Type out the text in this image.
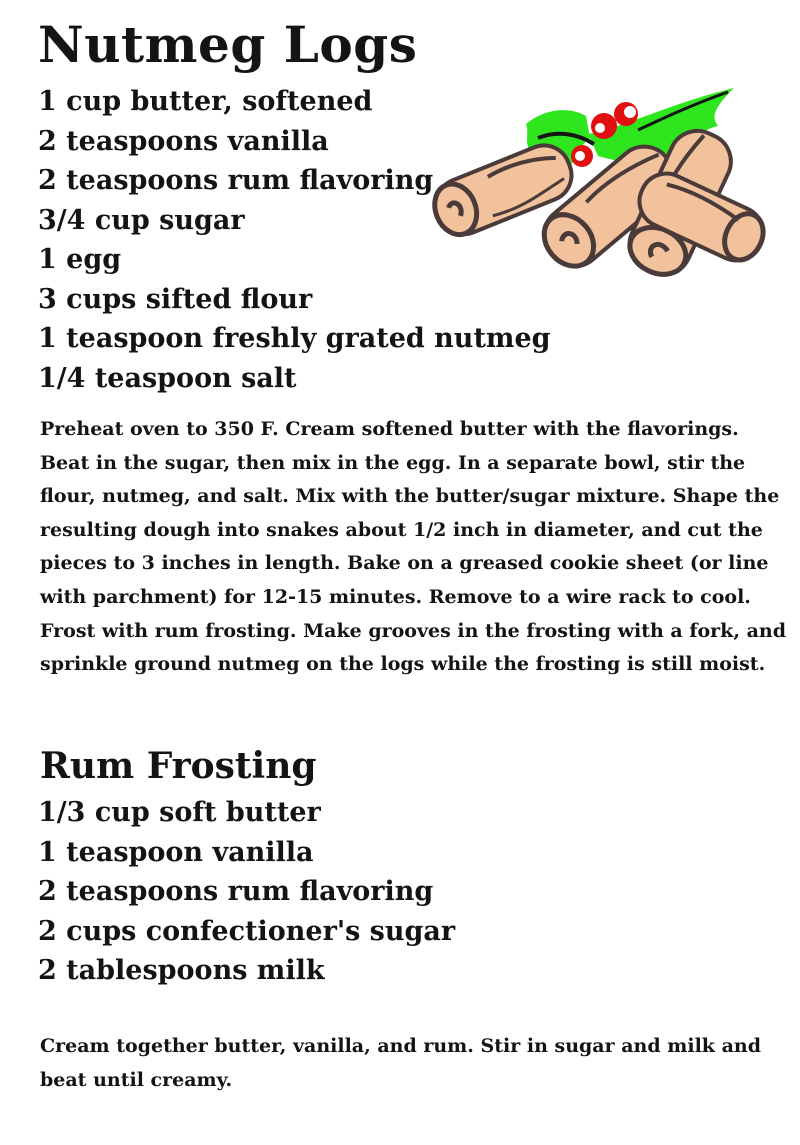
Nutmeg Logs
1 cup butter, softened
2 teaspoons vanilla
2 teaspoons rum flavoring
3/4 cup sugar
1 egg
3 cups sifted flour
1 teaspoon freshly grated nutmeg
1/4 teaspoon salt

Preheat oven to 350 F. Cream softened butter with the flavorings. Beat in the sugar, then mix in the egg. In a separate bowl, stir the flour, nutmeg, and salt. Mix with the butter/sugar mixture. Shape the resulting dough into snakes about 1/2 inch in diameter, and cut the pieces to 3 inches in length. Bake on a greased cookie sheet (or line with parchment) for 12-15 minutes. Remove to a wire rack to cool. Frost with rum frosting. Make grooves in the frosting with a fork, and sprinkle ground nutmeg on the logs while the frosting is still moist.

Rum Frosting
1/3 cup soft butter
1 teaspoon vanilla
2 teaspoons rum flavoring
2 cups confectioner's sugar
2 tablespoons milk

Cream together butter, vanilla, and rum. Stir in sugar and milk and beat until creamy.
